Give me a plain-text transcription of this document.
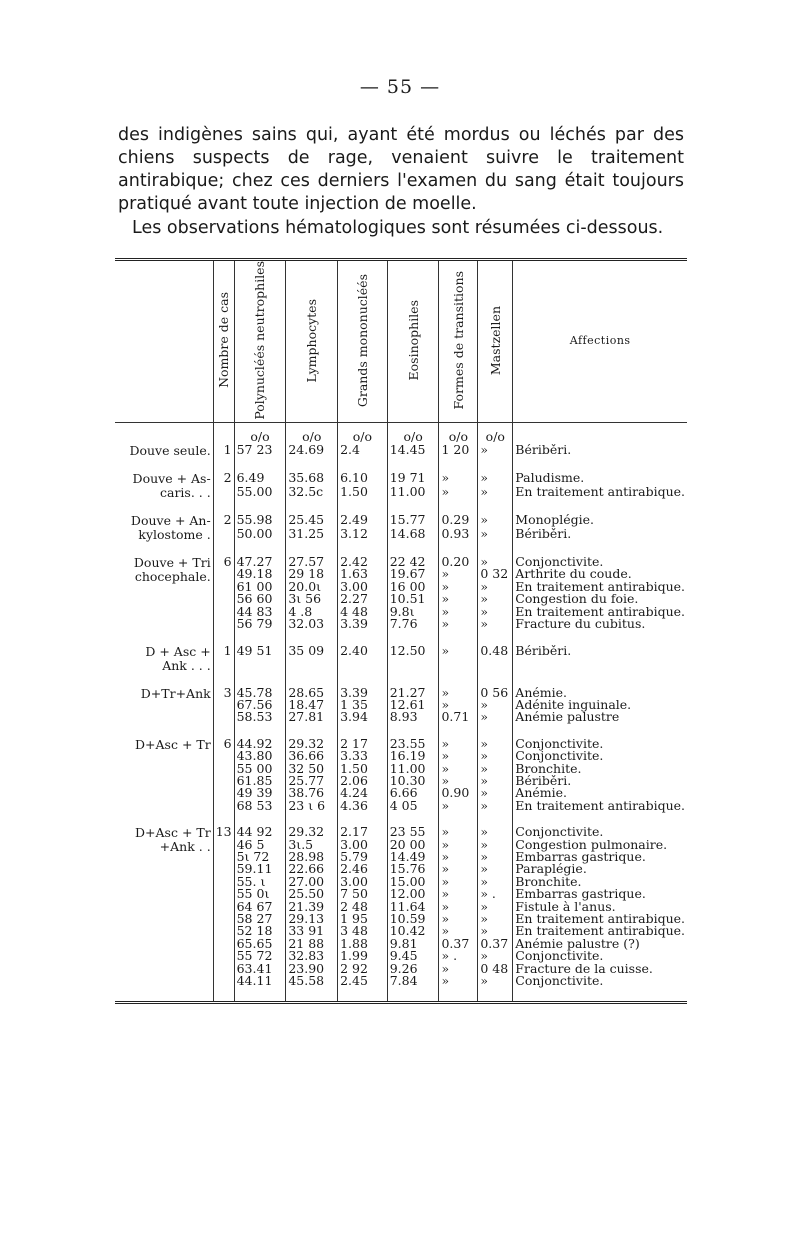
— 55 —

des indigènes sains qui, ayant été mordus ou léchés par des chiens suspects de rage, venaient suivre le traitement antirabique; chez ces derniers l'examen du sang était toujours pratiqué avant toute injection de moelle.

Les observations hématologiques sont résumées ci-dessous.

	Nombre de cas	Polynucléés neutrophiles	Lymphocytes	Grands mononucléés	Eosinophiles	Formes de transitions	Mastzellen	Affections
		o/o	o/o	o/o	o/o	o/o	o/o	

Douve seule.	1	57 23	24.69	2.4	14.45	1 20	»	Bériběri.

Douve + As-
caris. . .	2	6.49	35.68	6.10	19 71	»	»	Paludisme.
		55.00	32.5ϲ	1.50	11.00	»	»	En traitement antirabique.

Douve + An-
kylostome .	2	55.98	25.45	2.49	15.77	0.29	»	Monoplégie.
		50.00	31.25	3.12	14.68	0.93	»	Bériběri.

Douve + Tri
chocephale.	6	47.27	27.57	2.42	22 42	0.20	»	Conjonctivite.
		49.18	29 18	1.63	19.67	»	0 32	Arthrite du coude.
		61 00	20.0ι	3.00	16 00	»	»	En traitement antirabique.
		56 60	3ι 56	2.27	10.51	»	»	Congestion du foie.
		44 83	4 .8	4 48	9.8ι	»	»	En traitement antirabique.
		56 79	32.03	3.39	7.76	»	»	Fracture du cubitus.

D + Asc +
Ank . . .	1	49 51	35 09	2.40	12.50	»	0.48	Bériběri.

D+Tr+Ank	3	45.78	28.65	3.39	21.27	»	0 56	Anémie.
		67.56	18.47	1 35	12.61	»	»	Adénite inguinale.
		58.53	27.81	3.94	8.93	0.71	»	Anémie palustre

D+Asc + Tr	6	44.92	29.32	2 17	23.55	»	»	Conjonctivite.
		43.80	36.66	3.33	16.19	»	»	Conjonctivite.
		55 00	32 50	1.50	11.00	»	»	Bronchite.
		61.85	25.77	2.06	10.30	»	»	Bériběri.
		49 39	38.76	4.24	6.66	0.90	»	Anémie.
		68 53	23 ι 6	4.36	4 05	»	»	En traitement antirabique.

D+Asc + Tr
+Ank . .	13	44 92	29.32	2.17	23 55	»	»	Conjonctivite.
		46 5	3ι.5	3.00	20 00	»	»	Congestion pulmonaire.
		5ι 72	28.98	5.79	14.49	»	»	Embarras gastrique.
		59.11	22.66	2.46	15.76	»	»	Paraplégie.
		55. ι	27.00	3.00	15.00	»	»	Bronchite.
		55 0ι	25.50	7 50	12.00	»	» .	Embarras gastrique.
		64 67	21.39	2 48	11.64	»	»	Fistule à l'anus.
		58 27	29.13	1 95	10.59	»	»	En traitement antirabique.
		52 18	33 91	3 48	10.42	»	»	En traitement antirabique.
		65.65	21 88	1.88	9.81	0.37	0.37	Anémie palustre (?)
		55 72	32.83	1.99	9.45	» .	»	Conjonctivite.
		63.41	23.90	2 92	9.26	»	0 48	Fracture de la cuisse.
		44.11	45.58	2.45	7.84	»	»	Conjonctivite.
